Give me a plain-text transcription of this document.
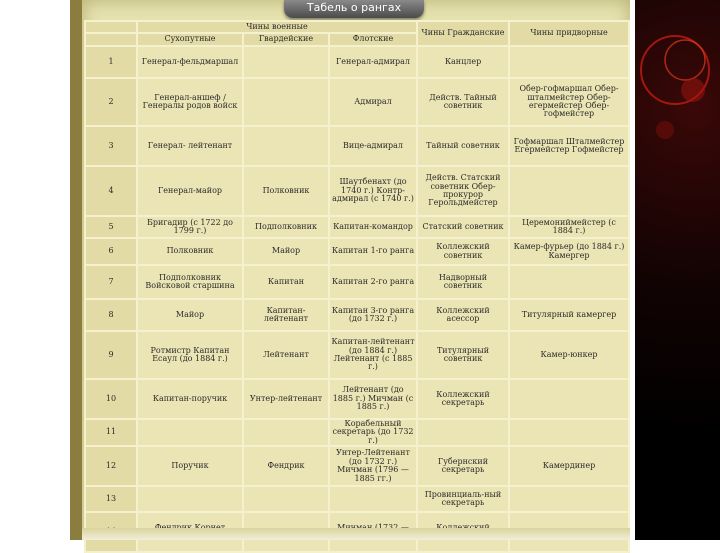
Табель о рангах
	Чины военные			Чины Гражданские	Чины придворные
	Сухопутные	Гвардейские	Флотские		
1	Генерал-фельдмаршал		Генерал-адмирал	Канцлер	
2	Генерал-аншеф / Генералы родов войск		Адмирал	Действ. Тайный советник	Обер-гофмаршал Обер-шталмейстер Обер-егермейстер Обер-гофмейстер
3	Генерал- лейтенант		Вице-адмирал	Тайный советник	Гофмаршал Шталмейстер Егермейстер Гофмейстер
4	Генерал-майор	Полковник	Шаутбенахт (до 1740 г.) Контр-адмирал (с 1740 г.)	Действ. Статский советник Обер-прокурор Герольдмейстер	
5	Бригадир (с 1722 до 1799 г.)	Подполковник	Капитан-командор	Статский советник	Церемониймейстер (с 1884 г.)
6	Полковник	Майор	Капитан 1-го ранга	Коллежский советник	Камер-фурьер (до 1884 г.) Камергер
7	Подполковник Войсковой старшина	Капитан	Капитан 2-го ранга	Надворный советник	
8	Майор	Капитан-лейтенант	Капитан 3-го ранга (до 1732 г.)	Коллежский асессор	Титулярный камергер
9	Ротмистр Капитан Есаул (до 1884 г.)	Лейтенант	Капитан-лейтенант (до 1884 г.) Лейтенант (с 1885 г.)	Титулярный советник	Камер-юнкер
10	Капитан-поручик	Унтер-лейтенант	Лейтенант (до 1885 г.) Мичман (с 1885 г.)	Коллежский секретарь	
11			Корабельный секретарь (до 1732 г.)		
12	Поручик	Фендрик	Унтер-Лейтенант (до 1732 г.) Мичман (1796 — 1885 гг.)	Губернский секретарь	Камердинер
13				Провинциаль-ный секретарь	
